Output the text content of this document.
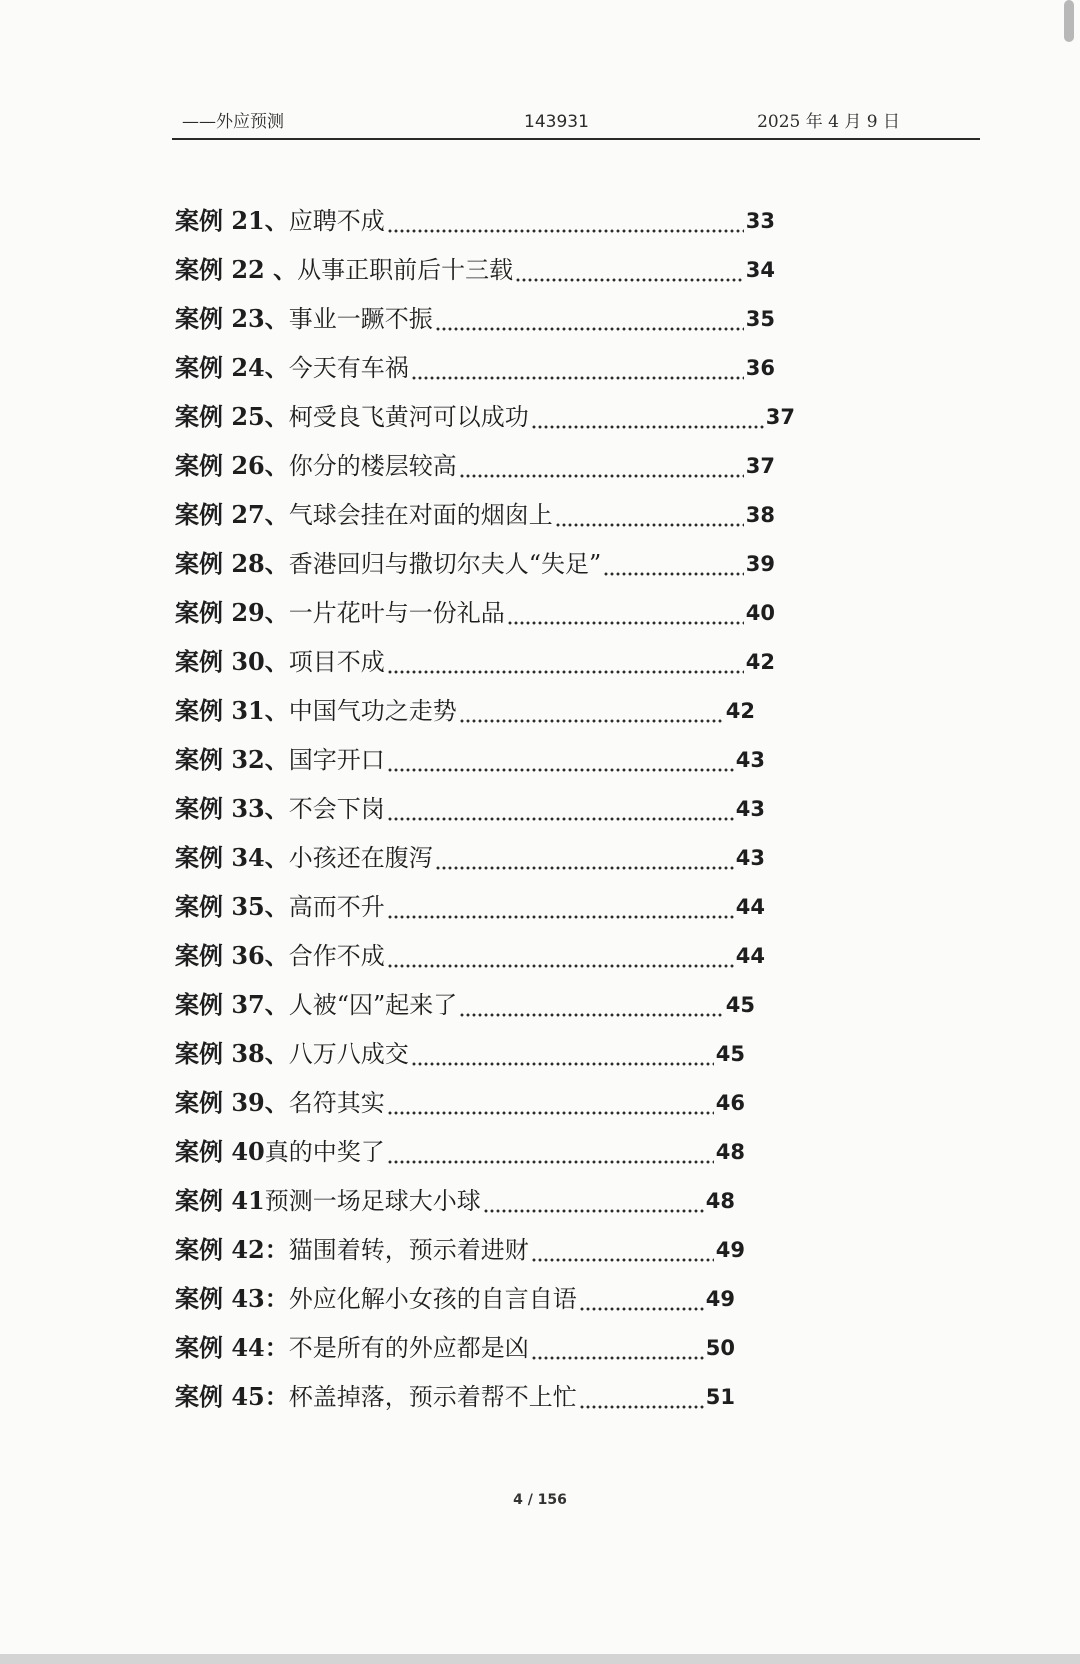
——外应预测	143931	2025 年 4 月 9 日
案例 21、 应聘不成	33
案例 22 、 从事正职前后十三载	34
案例 23、 事业一蹶不振	35
案例 24、 今天有车祸	36
案例 25、 柯受良飞黄河可以成功	37
案例 26、 你分的楼层较高	37
案例 27、 气球会挂在对面的烟囱上	38
案例 28、 香港回归与撒切尔夫人“失足”	39
案例 29、 一片花叶与一份礼品	40
案例 30、 项目不成	42
案例 31、 中国气功之走势	42
案例 32、 国字开口	43
案例 33、 不会下岗	43
案例 34、 小孩还在腹泻	43
案例 35、 高而不升	44
案例 36、 合作不成	44
案例 37、 人被“囚”起来了	45
案例 38、 八万八成交	45
案例 39、 名符其实	46
案例 40 真的中奖了	48
案例 41 预测一场足球大小球	48
案例 42： 猫围着转，预示着进财	49
案例 43： 外应化解小女孩的自言自语	49
案例 44： 不是所有的外应都是凶	50
案例 45： 杯盖掉落，预示着帮不上忙	51
4 / 156
